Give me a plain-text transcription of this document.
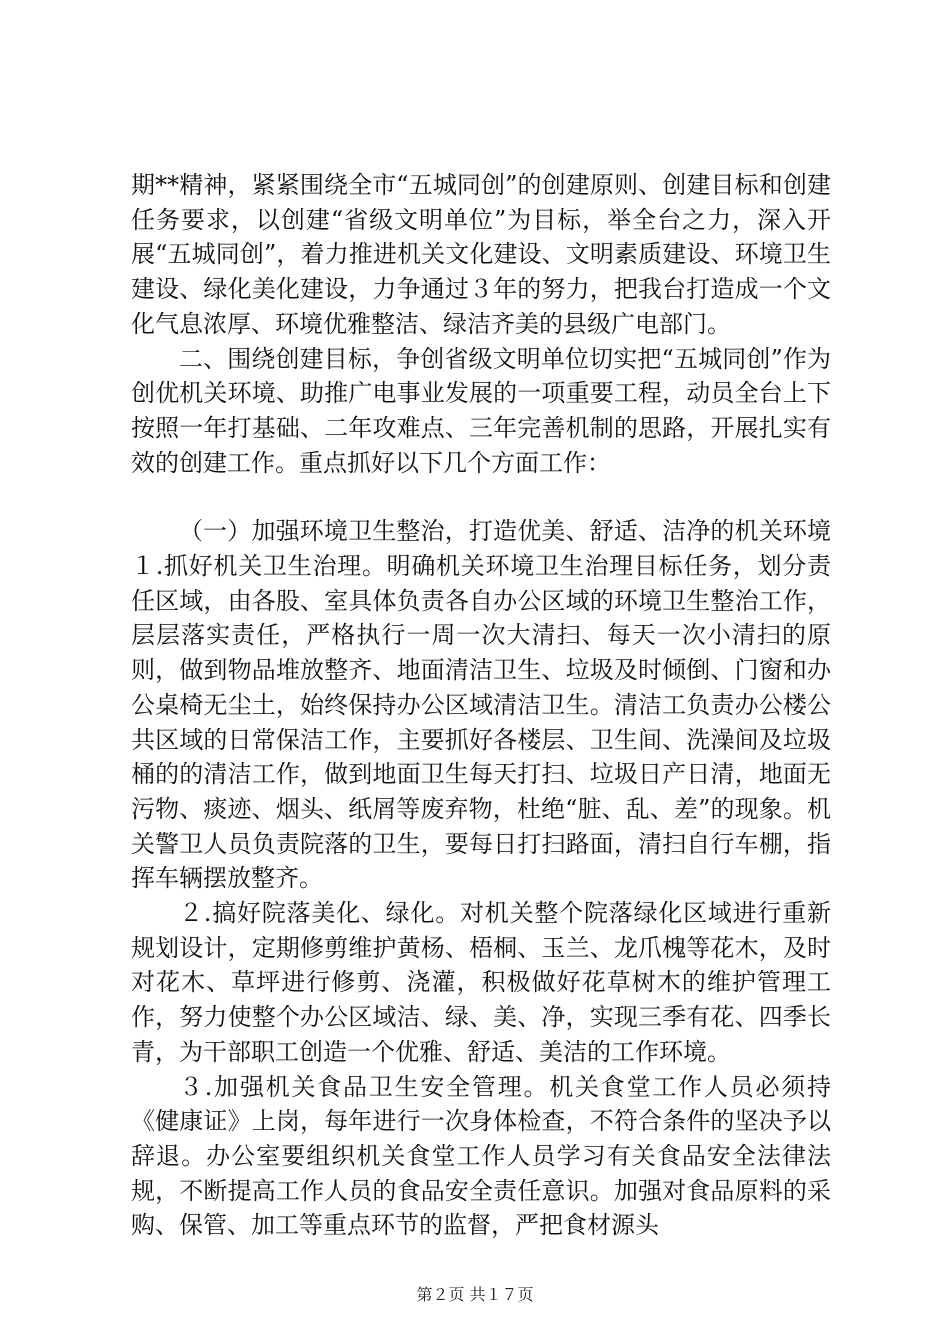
期**精神，紧紧围绕全市“五城同创”的创建原则、创建目标和创建任务要求，以创建“省级文明单位”为目标，举全台之力，深入开展“五城同创”，着力推进机关文化建设、文明素质建设、环境卫生建设、绿化美化建设，力争通过３年的努力，把我台打造成一个文化气息浓厚、环境优雅整洁、绿洁齐美的县级广电部门。

二、围绕创建目标，争创省级文明单位切实把“五城同创”作为创优机关环境、助推广电事业发展的一项重要工程，动员全台上下按照一年打基础、二年攻难点、三年完善机制的思路，开展扎实有效的创建工作。重点抓好以下几个方面工作：

（一）加强环境卫生整治，打造优美、舒适、洁净的机关环境１.抓好机关卫生治理。明确机关环境卫生治理目标任务，划分责任区域，由各股、室具体负责各自办公区域的环境卫生整治工作，层层落实责任，严格执行一周一次大清扫、每天一次小清扫的原则，做到物品堆放整齐、地面清洁卫生、垃圾及时倾倒、门窗和办公桌椅无尘土，始终保持办公区域清洁卫生。清洁工负责办公楼公共区域的日常保洁工作，主要抓好各楼层、卫生间、洗澡间及垃圾桶的的清洁工作，做到地面卫生每天打扫、垃圾日产日清，地面无污物、痰迹、烟头、纸屑等废弃物，杜绝“脏、乱、差”的现象。机关警卫人员负责院落的卫生，要每日打扫路面，清扫自行车棚，指挥车辆摆放整齐。

２.搞好院落美化、绿化。对机关整个院落绿化区域进行重新规划设计，定期修剪维护黄杨、梧桐、玉兰、龙爪槐等花木，及时对花木、草坪进行修剪、浇灌，积极做好花草树木的维护管理工作，努力使整个办公区域洁、绿、美、净，实现三季有花、四季长青，为干部职工创造一个优雅、舒适、美洁的工作环境。

３.加强机关食品卫生安全管理。机关食堂工作人员必须持《健康证》上岗，每年进行一次身体检查，不符合条件的坚决予以辞退。办公室要组织机关食堂工作人员学习有关食品安全法律法规，不断提高工作人员的食品安全责任意识。加强对食品原料的采购、保管、加工等重点环节的监督，严把食材源头

第２页 共１７页
